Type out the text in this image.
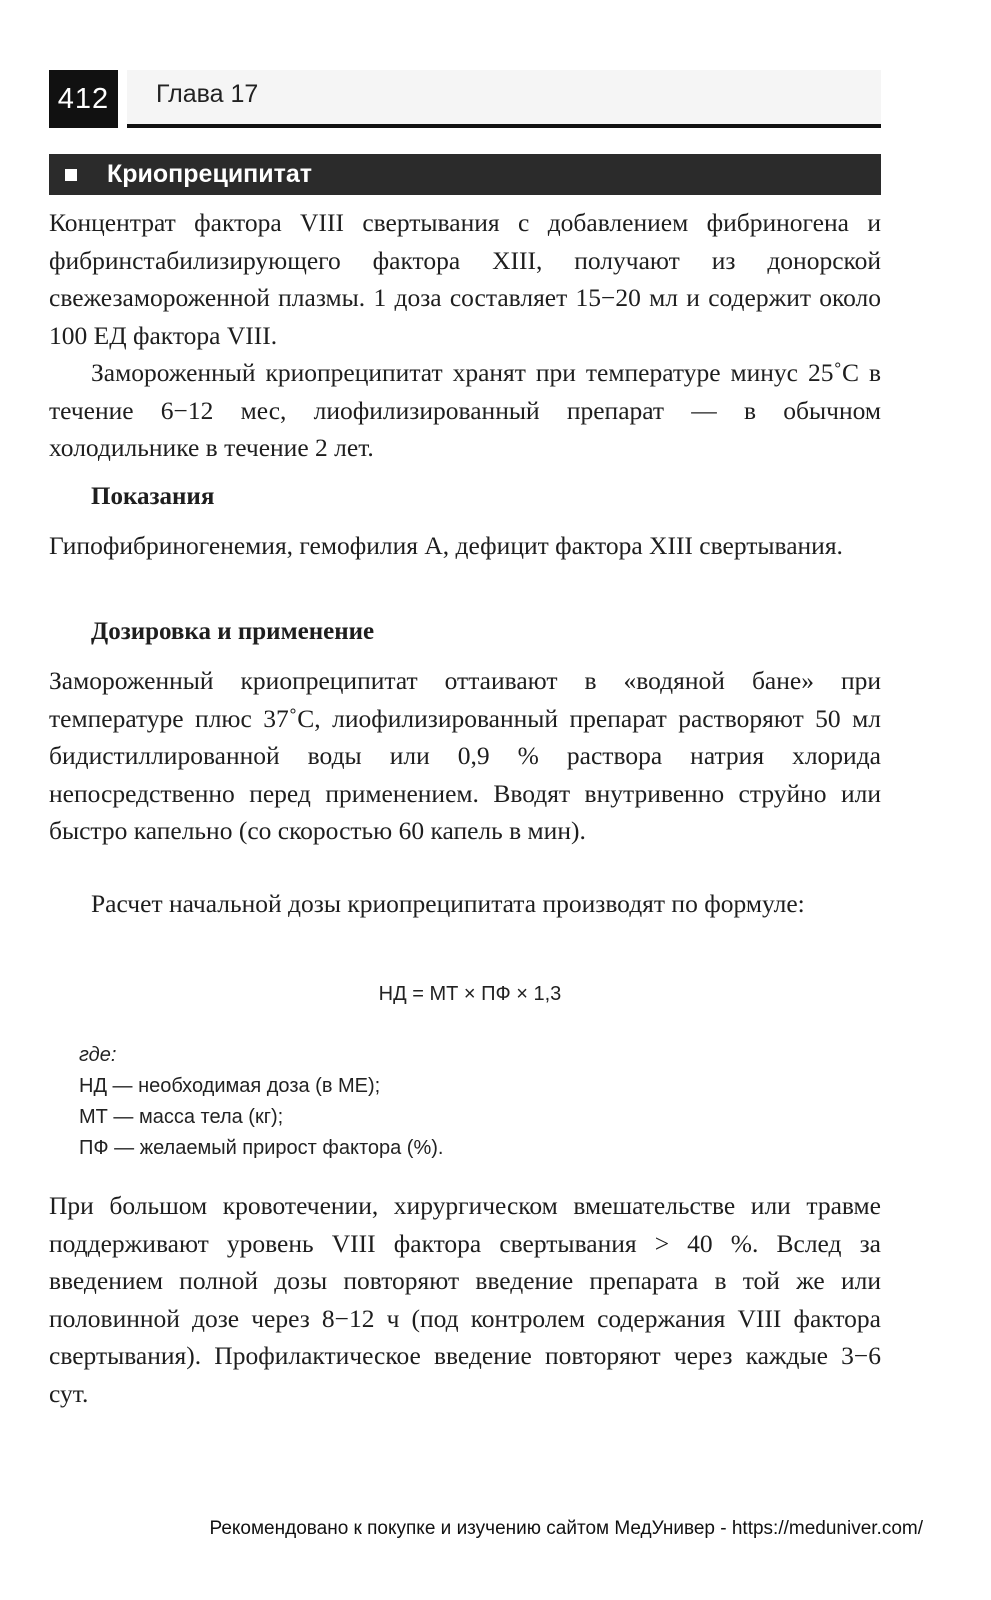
412	Глава 17
Криопреципитат

Концентрат фактора VIII свертывания с добавлением фибриногена и фибринстабилизирующего фактора XIII, получают из донорской свежезамороженной плазмы. 1 доза составляет 15−20 мл и содержит около 100 ЕД фактора VIII.

Замороженный криопреципитат хранят при температуре минус 25˚С в течение 6−12 мес, лиофилизированный препарат — в обычном холодильнике в течение 2 лет.

Показания

Гипофибриногенемия, гемофилия А, дефицит фактора XIII свертывания.

Дозировка и применение

Замороженный криопреципитат оттаивают в «водяной бане» при температуре плюс 37˚С, лиофилизированный препарат растворяют 50 мл бидистиллированной воды или 0,9 % раствора натрия хлорида непосредственно перед применением. Вводят внутривенно струйно или быстро капельно (со скоростью 60 капель в мин).

Расчет начальной дозы криопреципитата производят по формуле:

НД = МТ × ПФ × 1,3
где:
НД — необходимая доза (в МЕ);
МТ — масса тела (кг);
ПФ — желаемый прирост фактора (%).

При большом кровотечении, хирургическом вмешательстве или травме поддерживают уровень VIII фактора свертывания > 40 %. Вслед за введением полной дозы повторяют введение препарата в той же или половинной дозе через 8−12 ч (под контролем содержания VIII фактора свертывания). Профилактическое введение повторяют через каждые 3−6 сут.

Рекомендовано к покупке и изучению сайтом МедУнивер - https://meduniver.com/
